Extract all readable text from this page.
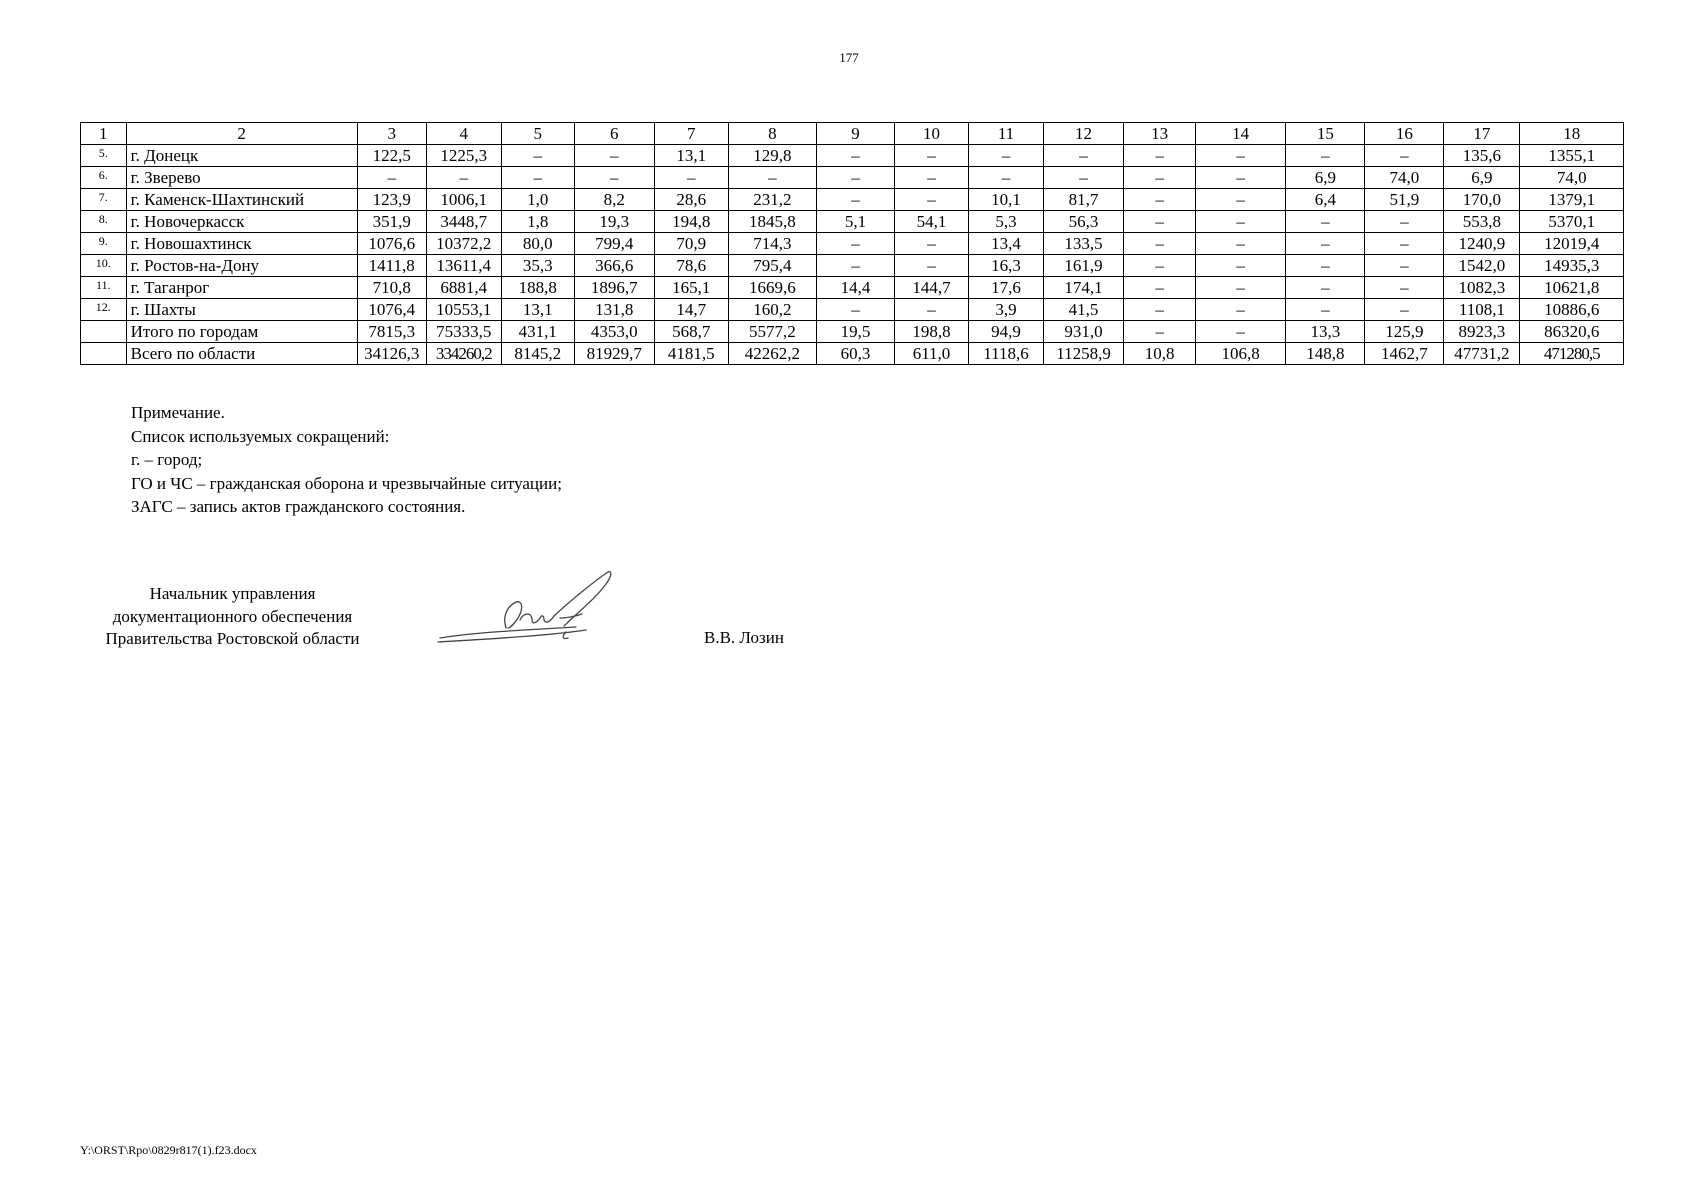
177
1	2	3	4	5	6	7	8	9	10	11	12	13	14	15	16	17	18
5.	г. Донецк	122,5	1225,3	–	–	13,1	129,8	–	–	–	–	–	–	–	–	135,6	1355,1
6.	г. Зверево	–	–	–	–	–	–	–	–	–	–	–	–	6,9	74,0	6,9	74,0
7.	г. Каменск-Шахтинский	123,9	1006,1	1,0	8,2	28,6	231,2	–	–	10,1	81,7	–	–	6,4	51,9	170,0	1379,1
8.	г. Новочеркасск	351,9	3448,7	1,8	19,3	194,8	1845,8	5,1	54,1	5,3	56,3	–	–	–	–	553,8	5370,1
9.	г. Новошахтинск	1076,6	10372,2	80,0	799,4	70,9	714,3	–	–	13,4	133,5	–	–	–	–	1240,9	12019,4
10.	г. Ростов-на-Дону	1411,8	13611,4	35,3	366,6	78,6	795,4	–	–	16,3	161,9	–	–	–	–	1542,0	14935,3
11.	г. Таганрог	710,8	6881,4	188,8	1896,7	165,1	1669,6	14,4	144,7	17,6	174,1	–	–	–	–	1082,3	10621,8
12.	г. Шахты	1076,4	10553,1	13,1	131,8	14,7	160,2	–	–	3,9	41,5	–	–	–	–	1108,1	10886,6
	Итого по городам	7815,3	75333,5	431,1	4353,0	568,7	5577,2	19,5	198,8	94,9	931,0	–	–	13,3	125,9	8923,3	86320,6
	Всего по области	34126,3	334260,2	8145,2	81929,7	4181,5	42262,2	60,3	611,0	1118,6	11258,9	10,8	106,8	148,8	1462,7	47731,2	471280,5
Примечание.
Список используемых сокращений:
г. – город;
ГО и ЧС – гражданская оборона и чрезвычайные ситуации;
ЗАГС – запись актов гражданского состояния.
Начальник управления
документационного обеспечения
Правительства Ростовской области	В.В. Лозин
Y:\ORST\Rpo\0829r817(1).f23.docx
